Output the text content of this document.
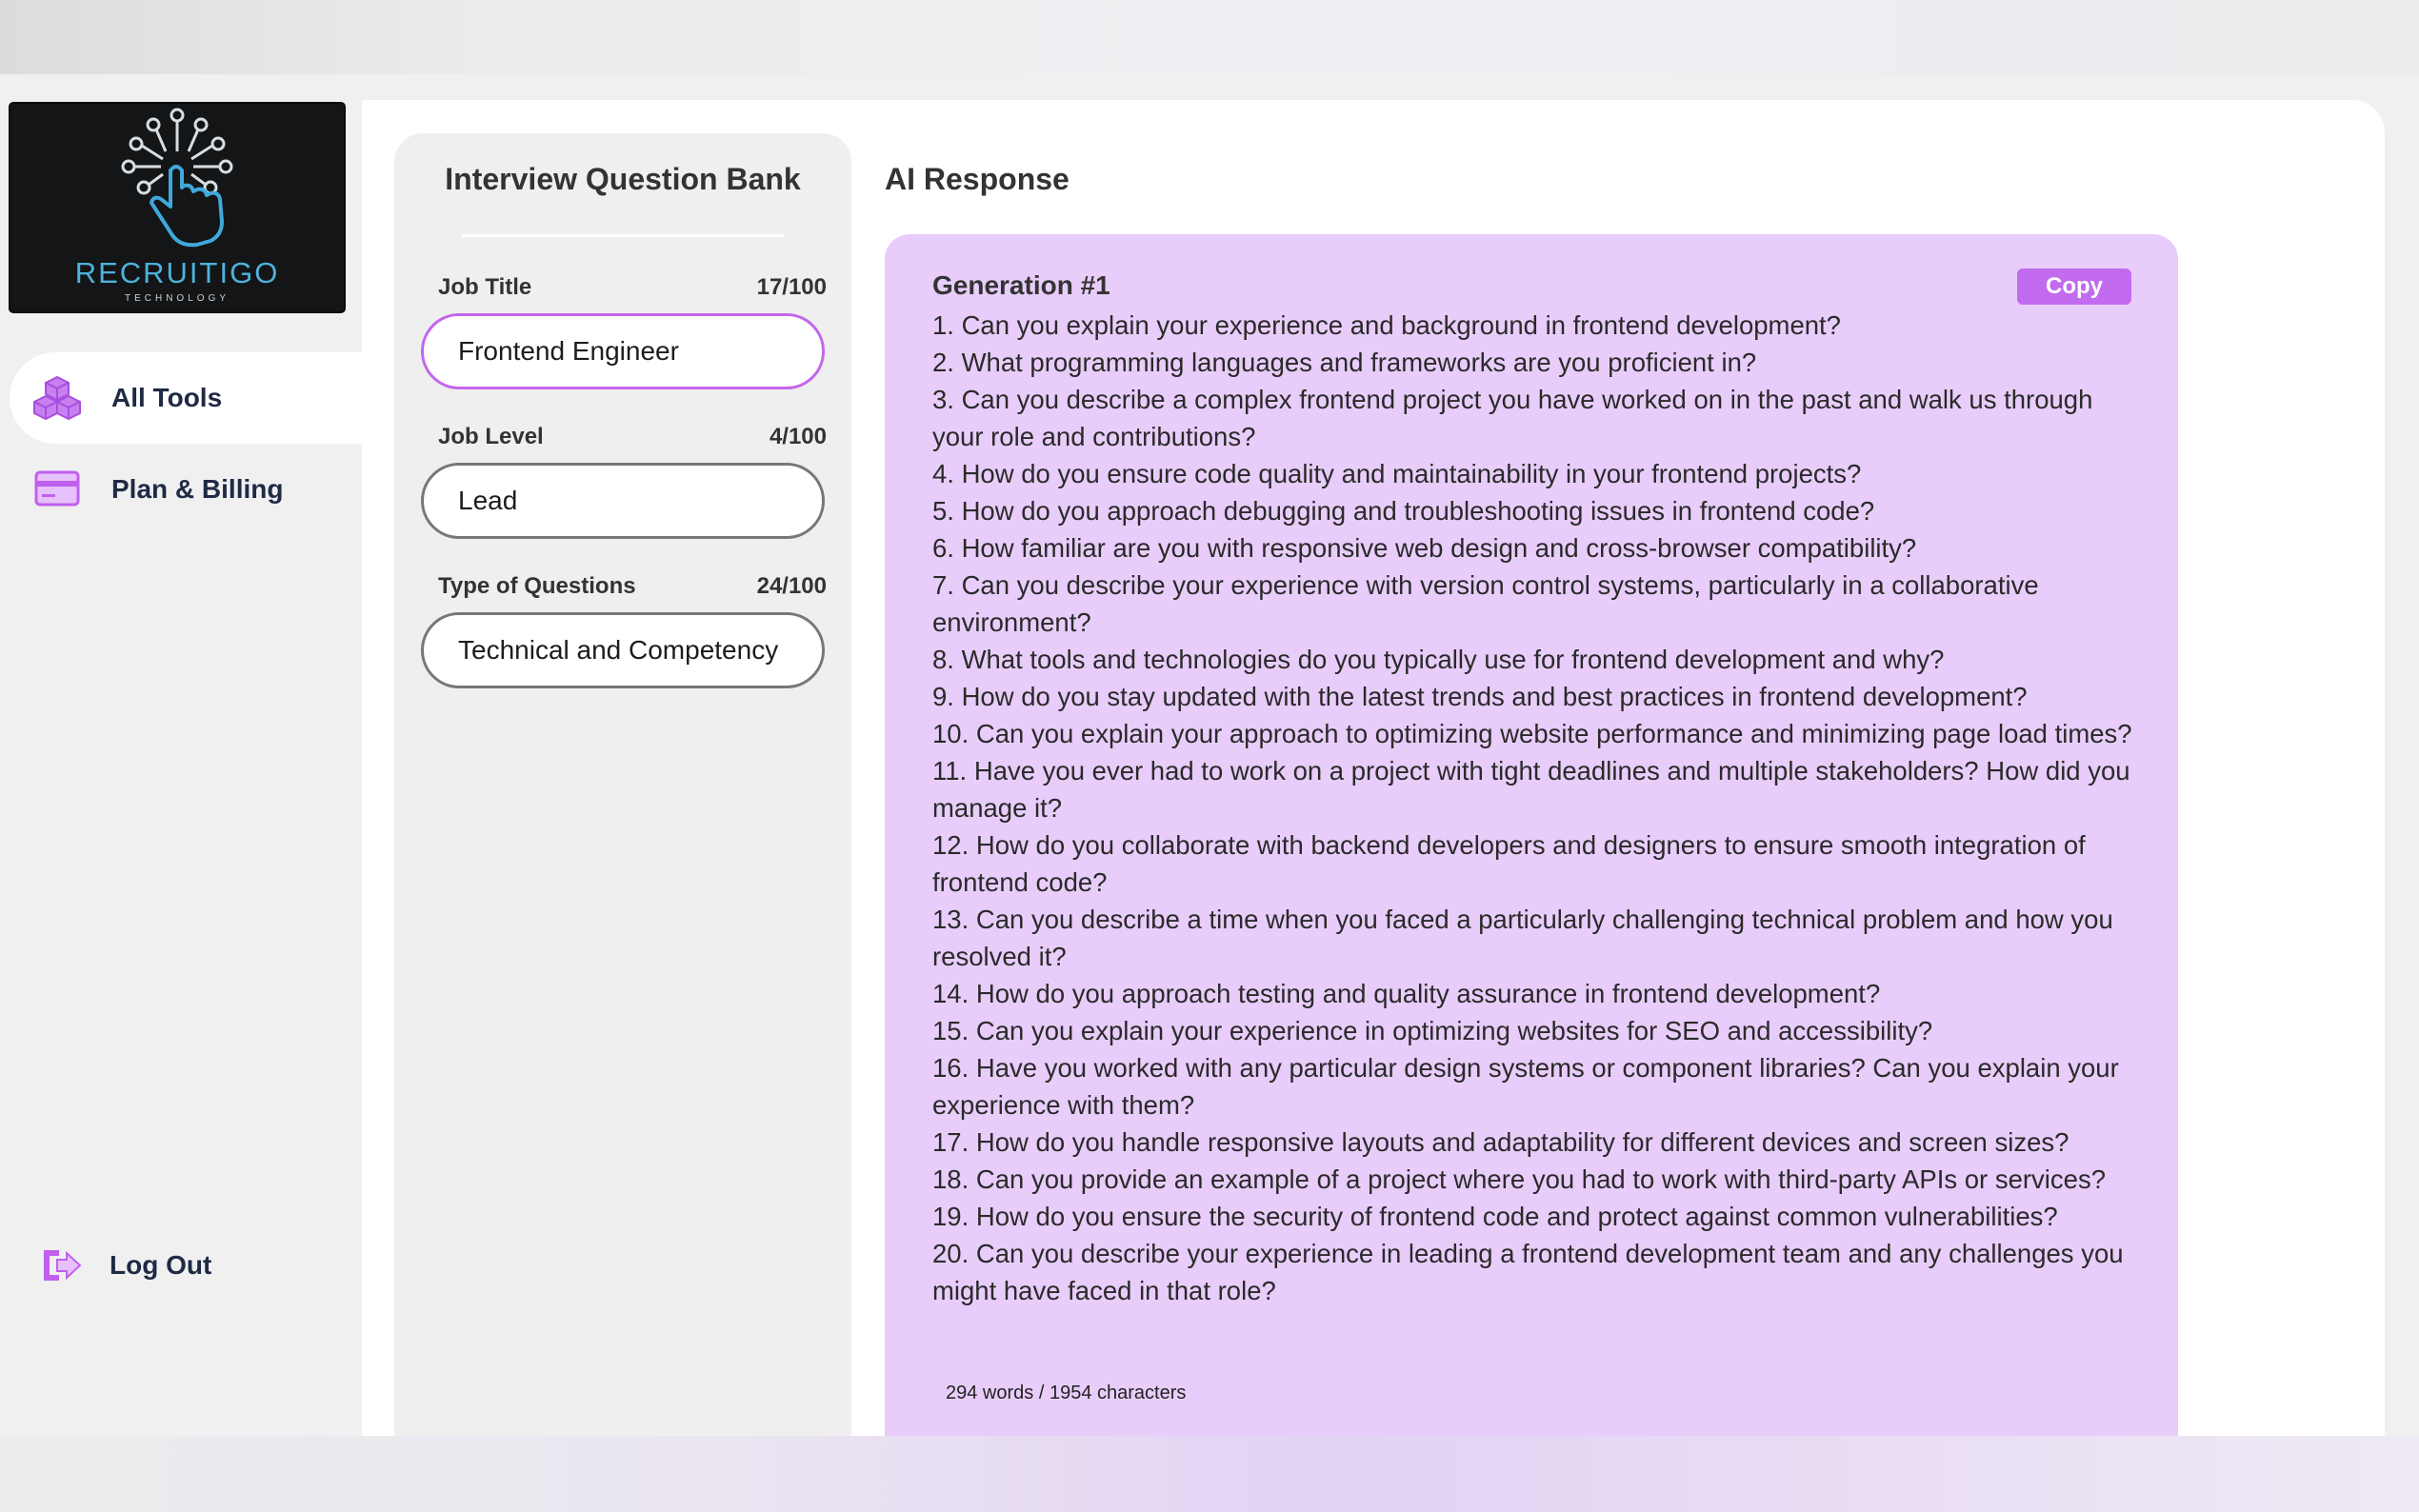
RECRUITIGO
TECHNOLOGY
All Tools
Plan & Billing
Log Out
Interview Question Bank
Job Title	17/100
Frontend Engineer
Job Level	4/100
Lead
Type of Questions	24/100
Technical and Competency
AI Response
Generation #1	Copy
1. Can you explain your experience and background in frontend development?
2. What programming languages and frameworks are you proficient in?
3. Can you describe a complex frontend project you have worked on in the past and walk us through your role and contributions?
4. How do you ensure code quality and maintainability in your frontend projects?
5. How do you approach debugging and troubleshooting issues in frontend code?
6. How familiar are you with responsive web design and cross-browser compatibility?
7. Can you describe your experience with version control systems, particularly in a collaborative environment?
8. What tools and technologies do you typically use for frontend development and why?
9. How do you stay updated with the latest trends and best practices in frontend development?
10. Can you explain your approach to optimizing website performance and minimizing page load times?
11. Have you ever had to work on a project with tight deadlines and multiple stakeholders? How did you manage it?
12. How do you collaborate with backend developers and designers to ensure smooth integration of frontend code?
13. Can you describe a time when you faced a particularly challenging technical problem and how you resolved it?
14. How do you approach testing and quality assurance in frontend development?
15. Can you explain your experience in optimizing websites for SEO and accessibility?
16. Have you worked with any particular design systems or component libraries? Can you explain your experience with them?
17. How do you handle responsive layouts and adaptability for different devices and screen sizes?
18. Can you provide an example of a project where you had to work with third-party APIs or services?
19. How do you ensure the security of frontend code and protect against common vulnerabilities?
20. Can you describe your experience in leading a frontend development team and any challenges you might have faced in that role?
294 words / 1954 characters
